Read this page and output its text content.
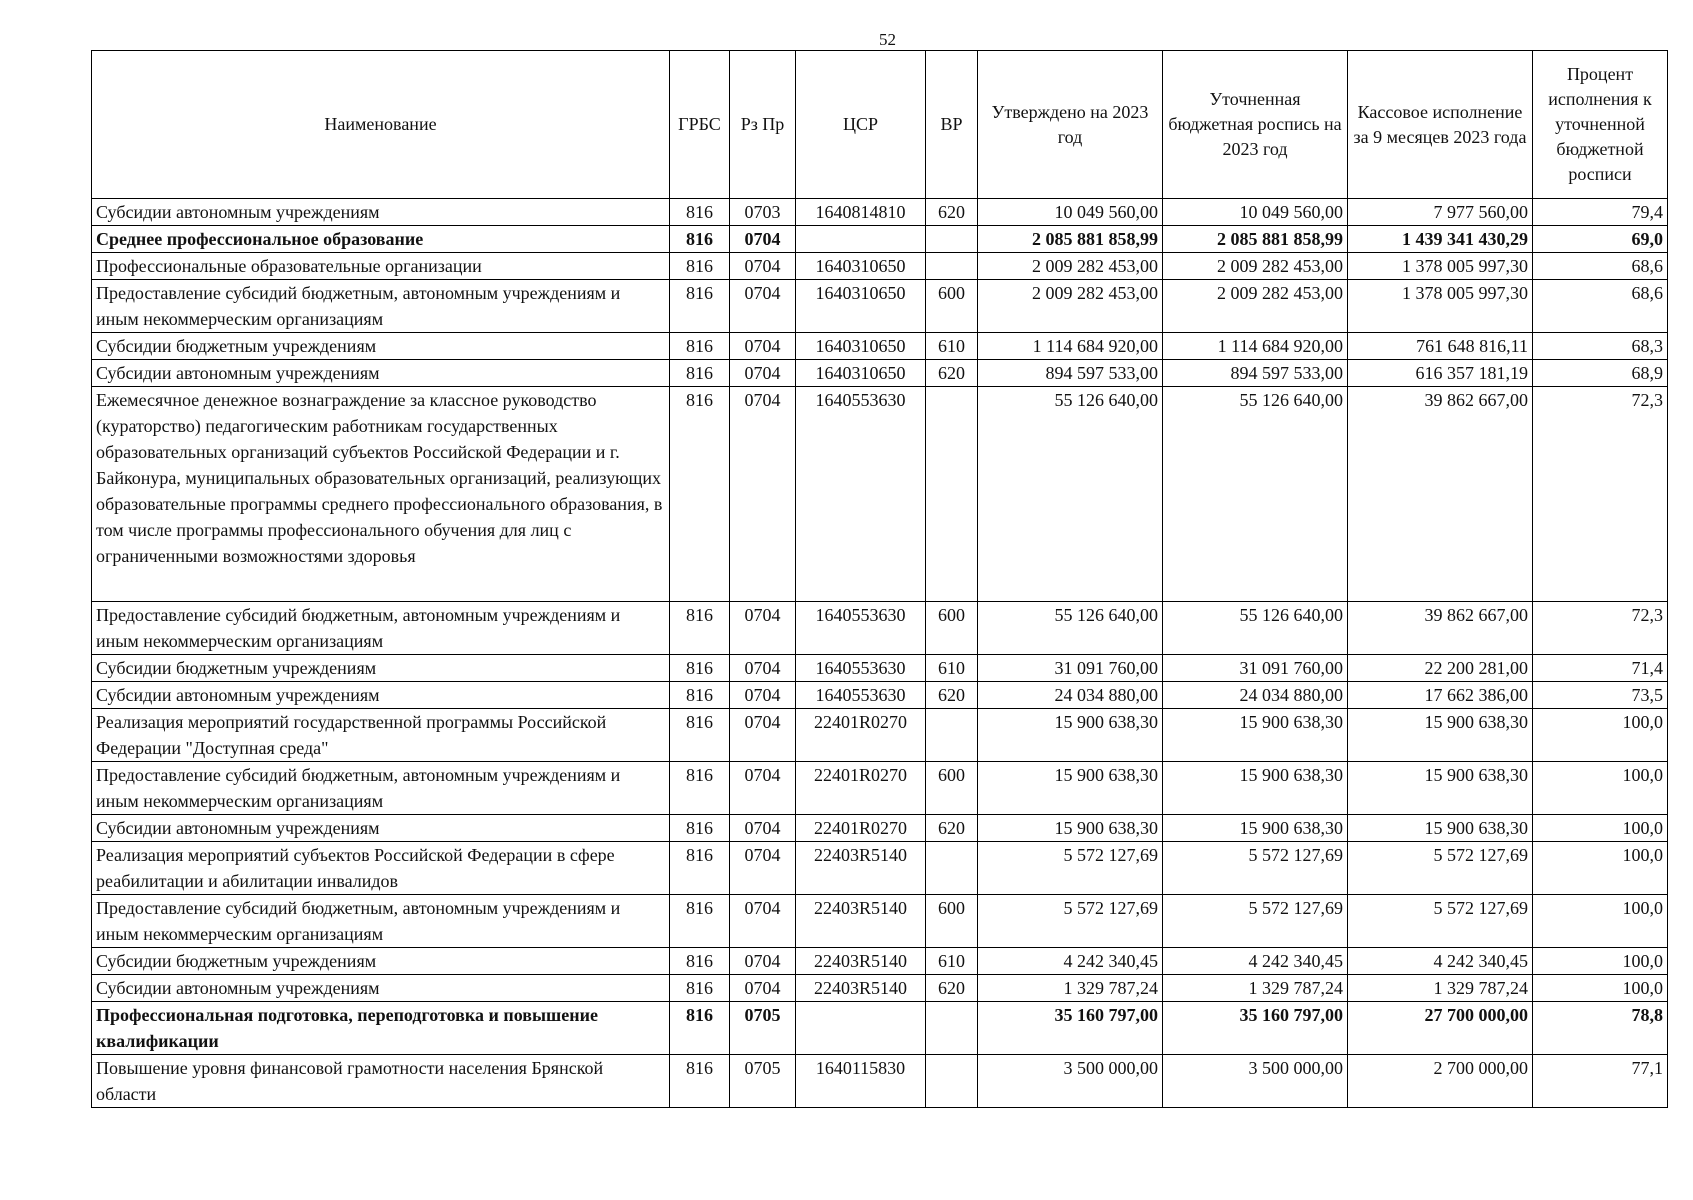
52
Наименование	ГРБС	Рз Пр	ЦСР	ВР	Утверждено на 2023 год	Уточненная бюджетная роспись на 2023 год	Кассовое исполнение за 9 месяцев 2023 года	Процент исполнения к уточненной бюджетной росписи
Субсидии автономным учреждениям	816	0703	1640814810	620	10 049 560,00	10 049 560,00	7 977 560,00	79,4
Среднее профессиональное образование	816	0704			2 085 881 858,99	2 085 881 858,99	1 439 341 430,29	69,0
Профессиональные образовательные организации	816	0704	1640310650		2 009 282 453,00	2 009 282 453,00	1 378 005 997,30	68,6
Предоставление субсидий бюджетным, автономным учреждениям и иным некоммерческим организациям	816	0704	1640310650	600	2 009 282 453,00	2 009 282 453,00	1 378 005 997,30	68,6
Субсидии бюджетным учреждениям	816	0704	1640310650	610	1 114 684 920,00	1 114 684 920,00	761 648 816,11	68,3
Субсидии автономным учреждениям	816	0704	1640310650	620	894 597 533,00	894 597 533,00	616 357 181,19	68,9
Ежемесячное денежное вознаграждение за классное руководство (кураторство) педагогическим работникам государственных образовательных организаций субъектов Российской Федерации и г. Байконура, муниципальных образовательных организаций, реализующих образовательные программы среднего профессионального образования, в том числе программы профессионального обучения для лиц с ограниченными возможностями здоровья	816	0704	1640553630		55 126 640,00	55 126 640,00	39 862 667,00	72,3
Предоставление субсидий бюджетным, автономным учреждениям и иным некоммерческим организациям	816	0704	1640553630	600	55 126 640,00	55 126 640,00	39 862 667,00	72,3
Субсидии бюджетным учреждениям	816	0704	1640553630	610	31 091 760,00	31 091 760,00	22 200 281,00	71,4
Субсидии автономным учреждениям	816	0704	1640553630	620	24 034 880,00	24 034 880,00	17 662 386,00	73,5
Реализация мероприятий государственной программы Российской Федерации "Доступная среда"	816	0704	22401R0270		15 900 638,30	15 900 638,30	15 900 638,30	100,0
Предоставление субсидий бюджетным, автономным учреждениям и иным некоммерческим организациям	816	0704	22401R0270	600	15 900 638,30	15 900 638,30	15 900 638,30	100,0
Субсидии автономным учреждениям	816	0704	22401R0270	620	15 900 638,30	15 900 638,30	15 900 638,30	100,0
Реализация мероприятий субъектов Российской Федерации в сфере реабилитации и абилитации инвалидов	816	0704	22403R5140		5 572 127,69	5 572 127,69	5 572 127,69	100,0
Предоставление субсидий бюджетным, автономным учреждениям и иным некоммерческим организациям	816	0704	22403R5140	600	5 572 127,69	5 572 127,69	5 572 127,69	100,0
Субсидии бюджетным учреждениям	816	0704	22403R5140	610	4 242 340,45	4 242 340,45	4 242 340,45	100,0
Субсидии автономным учреждениям	816	0704	22403R5140	620	1 329 787,24	1 329 787,24	1 329 787,24	100,0
Профессиональная подготовка, переподготовка и повышение квалификации	816	0705			35 160 797,00	35 160 797,00	27 700 000,00	78,8
Повышение уровня финансовой грамотности населения Брянской области	816	0705	1640115830		3 500 000,00	3 500 000,00	2 700 000,00	77,1
